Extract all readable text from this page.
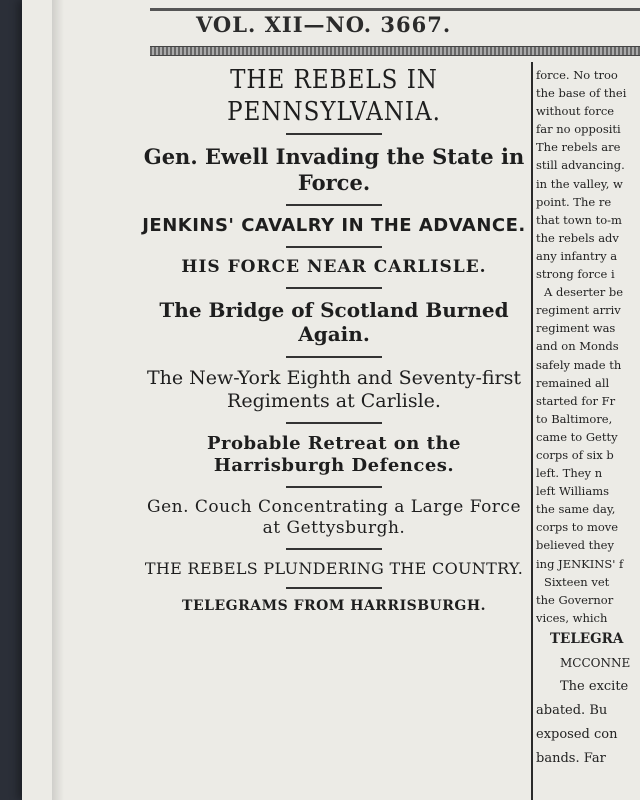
VOL. XII—NO. 3667.

THE REBELS IN PENNSYLVANIA.

Gen. Ewell Invading the State in Force.

JENKINS' CAVALRY IN THE ADVANCE.

HIS FORCE NEAR CARLISLE.

The Bridge of Scotland Burned Again.

The New-York Eighth and Seventy-first Regiments at Carlisle.

Probable Retreat on the Harrisburgh Defences.

Gen. Couch Concentrating a Large Force at Gettysburgh.

THE REBELS PLUNDERING THE COUNTRY.

TELEGRAMS FROM HARRISBURGH.

force. No troo
the base of thei
without force
far no oppositi
The rebels are
still advancing.
in the valley, w
point. The re
that town to-m
the rebels adv
any infantry a
strong force i
A deserter be
regiment arriv
regiment was
and on Monds
safely made th
remained all
started for Fr
to Baltimore,
came to Getty
corps of six b
left. They n
left Williams
the same day,
corps to move
believed they
ing JENKINS' f
Sixteen vet
the Governor
vices, which
TELEGRA
MCCONNE
The excite
abated. Bu
exposed con
bands. Far
